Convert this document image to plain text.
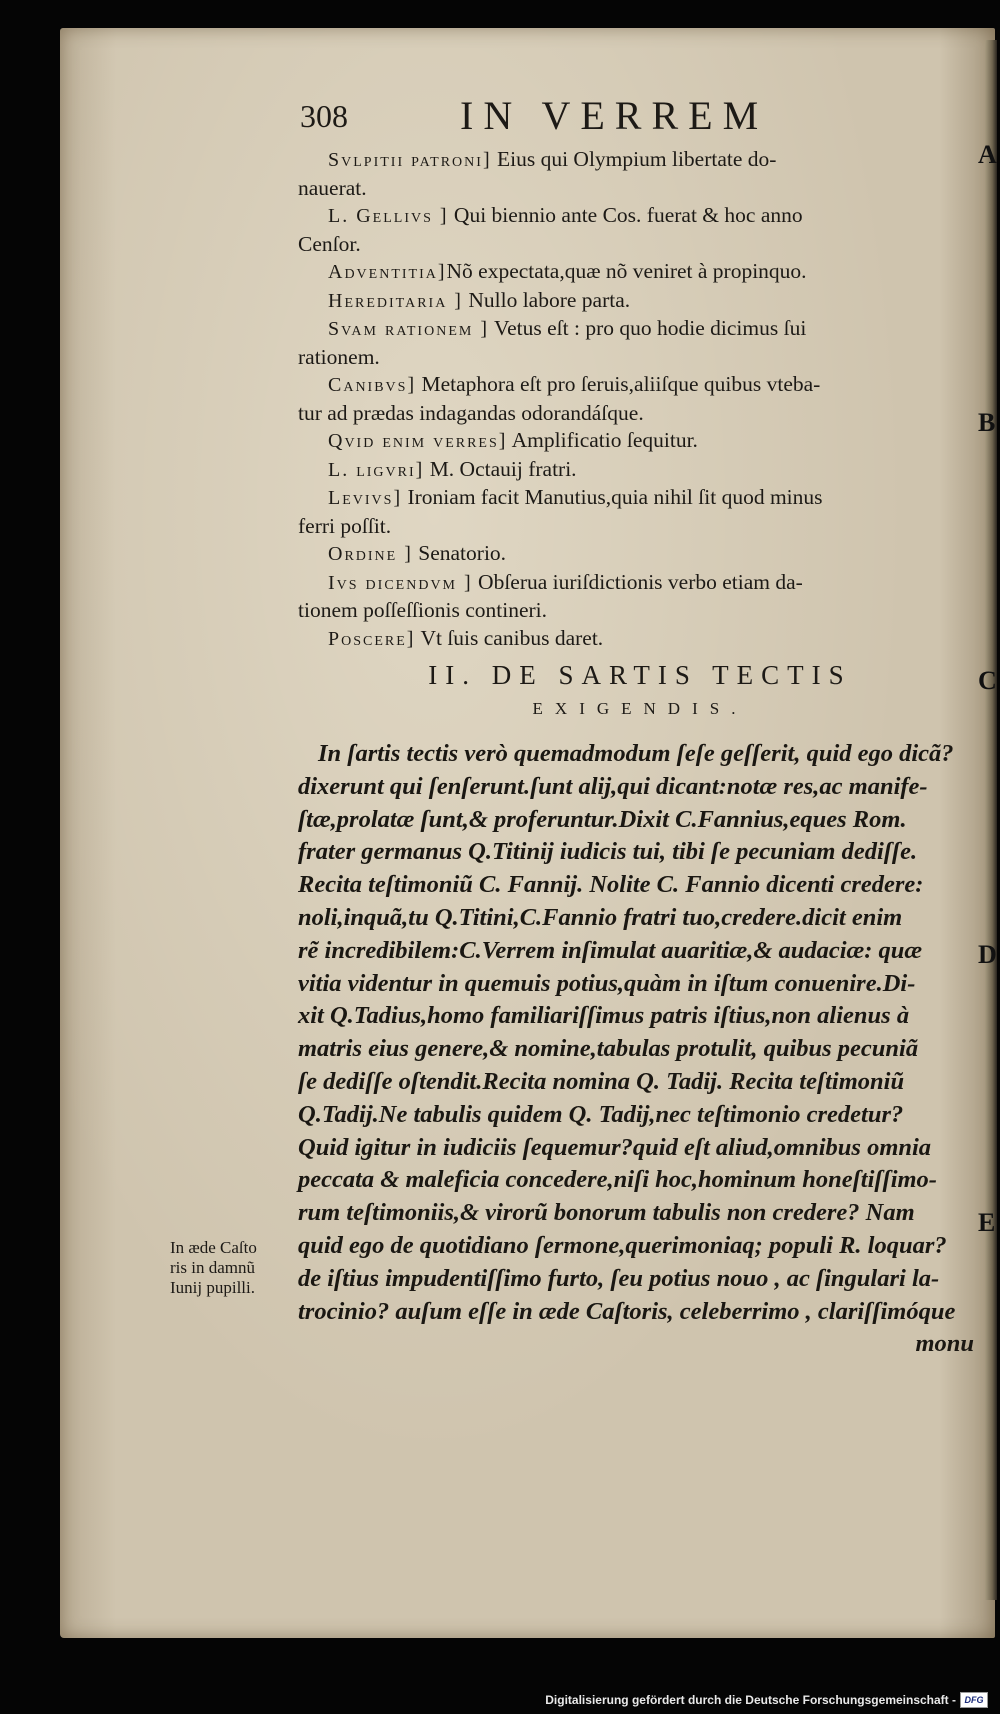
308	IN VERREM
Svlpitii patroni] Eius qui Olympium libertate do-
nauerat.
L. Gellivs ] Qui biennio ante Cos. fuerat & hoc anno
Cenſor.
Adventitia]Nõ expectata,quæ nõ veniret à propinquo.
Hereditaria ] Nullo labore parta.
Svam rationem ] Vetus eſt : pro quo hodie dicimus ſui
rationem.
Canibvs] Metaphora eſt pro ſeruis,aliiſque quibus vteba-
tur ad prædas indagandas odorandáſque.
Qvid enim verres] Amplificatio ſequitur.
L. ligvri] M. Octauij fratri.
Levivs] Ironiam facit Manutius,quia nihil ſit quod minus
ferri poſſit.
Ordine ] Senatorio.
Ivs dicendvm ] Obſerua iuriſdictionis verbo etiam da-
tionem poſſeſſionis contineri.
Poscere] Vt ſuis canibus daret.
II. DE SARTIS TECTIS
EXIGENDIS.
In ſartis tectis verò quemadmodum ſeſe geſſerit, quid ego dicã?
dixerunt qui ſenſerunt.ſunt alij,qui dicant:notæ res,ac manife-
ſtæ,prolatæ ſunt,& proferuntur.Dixit C.Fannius,eques Rom.
frater germanus Q.Titinij iudicis tui, tibi ſe pecuniam dediſſe.
Recita teſtimoniũ C. Fannij. Nolite C. Fannio dicenti credere:
noli,inquã,tu Q.Titini,C.Fannio fratri tuo,credere.dicit enim
rẽ incredibilem:C.Verrem inſimulat auaritiæ,& audaciæ: quæ
vitia videntur in quemuis potius,quàm in iſtum conuenire.Di-
xit Q.Tadius,homo familiariſſimus patris iſtius,non alienus à
matris eius genere,& nomine,tabulas protulit, quibus pecuniã
ſe dediſſe oſtendit.Recita nomina Q. Tadij. Recita teſtimoniũ
Q.Tadij.Ne tabulis quidem Q. Tadij,nec teſtimonio credetur?
Quid igitur in iudiciis ſequemur?quid eſt aliud,omnibus omnia
peccata & maleficia concedere,niſi hoc,hominum honeſtiſſimo-
rum teſtimoniis,& virorũ bonorum tabulis non credere? Nam
quid ego de quotidiano ſermone,querimoniaq; populi R. loquar?
de iſtius impudentiſſimo furto, ſeu potius nouo , ac ſingulari la-
trocinio? auſum eſſe in æde Caſtoris, celeberrimo , clariſſimóque
monu
In æde Caſto
ris in damnũ
Iunij pupilli.
A
B
C
D
E
Digitalisierung gefördert durch die Deutsche Forschungsgemeinschaft - DFG
